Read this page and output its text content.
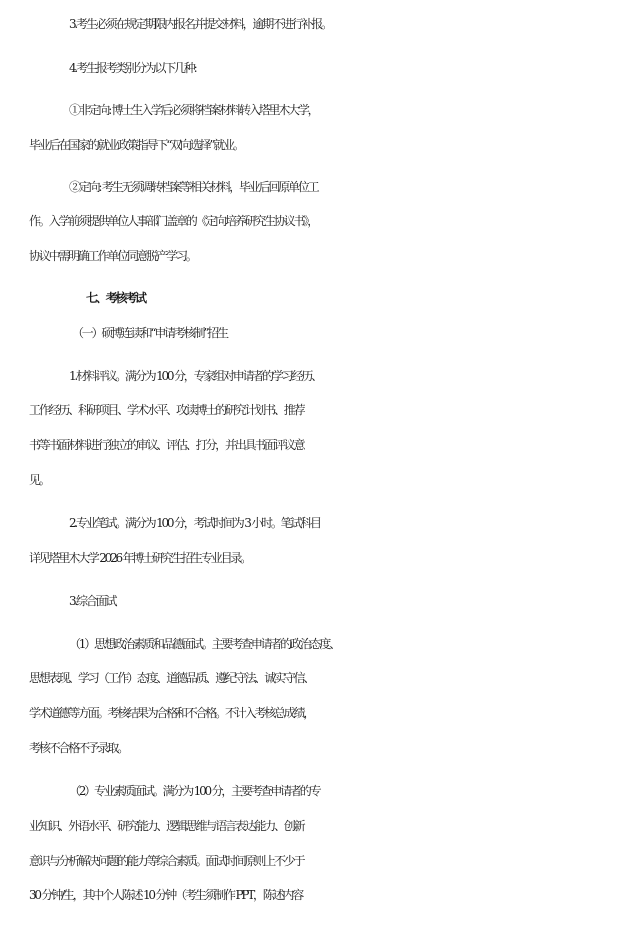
3.考生必须在规定期限内报名并提交材料，逾期不进行补报。
4.考生报考类别分为以下几种:
①非定向: 博士生入学后必须将档案材料转入塔里木大学，
毕业后在国家的就业政策指导下“双向选择”就业。
②定向: 考生无须调转档案等相关材料，毕业后回原单位工
作。入学前须提供单位人事部门盖章的《定向培养研究生协议书》，
协议中需明确工作单位同意脱产学习。
七、考核考试
（一）硕博连读和“申请考核制”招生
1.材料评议。满分为 100 分，专家组对申请者的学习经历、
工作经历、科研项目、学术水平、攻读博士的研究计划书、推荐
书等书面材料进行独立的审议、评估、打分，并出具书面评议意
见。
2.专业笔试。满分为 100 分，考试时间为 3 小时。笔试科目
详见塔里木大学 2026 年博士研究生招生专业目录。
3.综合面试
（1）思想政治素质和品德面试。主要考查申请者的政治态度、
思想表现、学习（工作）态度、道德品质、遵纪守法、诚实守信、
学术道德等方面。考核结果为合格和不合格。不计入考核总成绩，
考核不合格不予录取。
（2）专业素质面试。满分为 100 分，主要考查申请者的专
业知识、外语水平、研究能力、逻辑思维与语言表达能力、创新
意识与分析解决问题的能力等综合素质。面试时间原则上不少于
30 分钟/生，其中个人陈述 10 分钟（考生须制作 PPT，陈述内容
